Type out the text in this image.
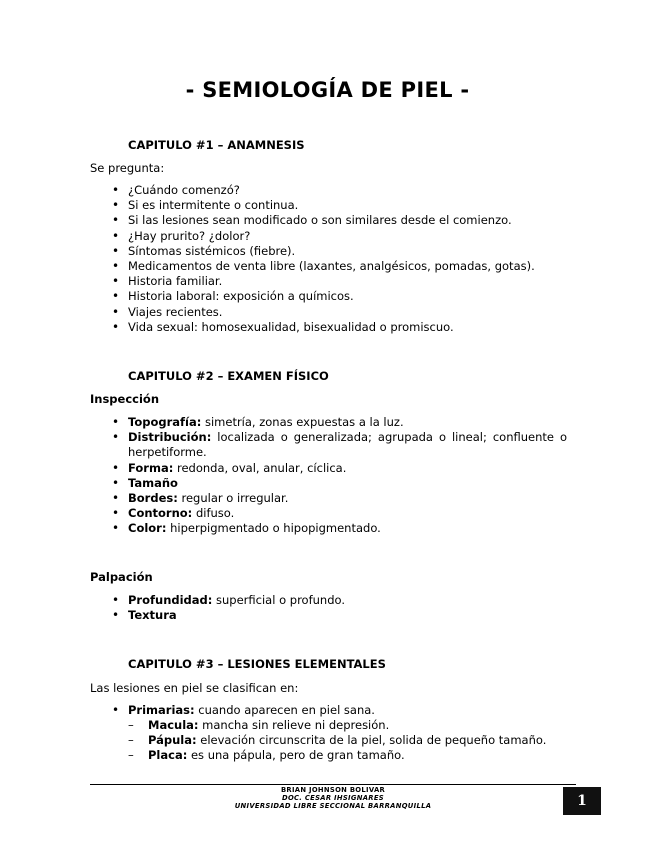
- SEMIOLOGÍA DE PIEL -
CAPITULO #1 – ANAMNESIS
Se pregunta:
• ¿Cuándo comenzó?
• Si es intermitente o continua.
• Si las lesiones sean modificado o son similares desde el comienzo.
• ¿Hay prurito? ¿dolor?
• Síntomas sistémicos (fiebre).
• Medicamentos de venta libre (laxantes, analgésicos, pomadas, gotas).
• Historia familiar.
• Historia laboral: exposición a químicos.
• Viajes recientes.
• Vida sexual: homosexualidad, bisexualidad o promiscuo.
CAPITULO #2 – EXAMEN FÍSICO
Inspección
• Topografía: simetría, zonas expuestas a la luz.
• Distribución: localizada o generalizada; agrupada o lineal; confluente o
herpetiforme.
• Forma: redonda, oval, anular, cíclica.
• Tamaño
• Bordes: regular o irregular.
• Contorno: difuso.
• Color: hiperpigmentado o hipopigmentado.
Palpación
• Profundidad: superficial o profundo.
• Textura
CAPITULO #3 – LESIONES ELEMENTALES
Las lesiones en piel se clasifican en:
• Primarias: cuando aparecen en piel sana.
– Macula: mancha sin relieve ni depresión.
– Pápula: elevación circunscrita de la piel, solida de pequeño tamaño.
– Placa: es una pápula, pero de gran tamaño.
BRIAN JOHNSON BOLIVAR
DOC. CESAR IHSIGNARES
UNIVERSIDAD LIBRE SECCIONAL BARRANQUILLA	1
